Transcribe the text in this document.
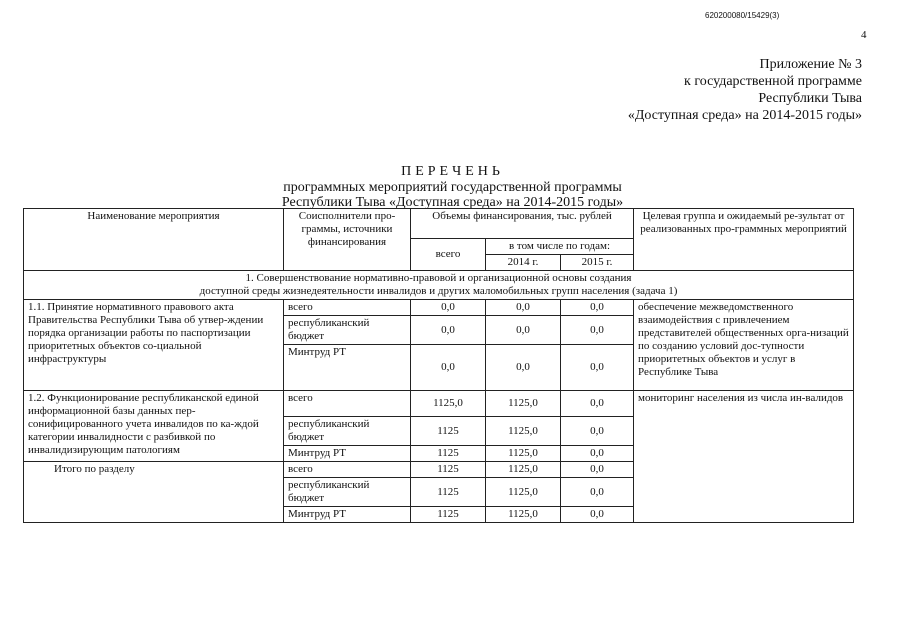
620200080/15429(3)
4
Приложение № 3
к государственной программе
Республики Тыва
«Доступная среда» на 2014-2015 годы»
ПЕРЕЧЕНЬ
программных мероприятий государственной программы
Республики Тыва «Доступная среда» на 2014-2015 годы»
Наименование мероприятия	Соисполнители про-граммы, источники финансирования	Объемы финансирования, тыс. рублей			Целевая группа и ожидаемый ре-зультат от реализованных про-граммных мероприятий
		всего	в том числе по годам:		
			2014 г.	2015 г.	

1. Совершенствование нормативно-правовой и организационной основы создания
доступной среды жизнедеятельности инвалидов и других маломобильных групп населения (задача 1)					

1.1. Принятие нормативного правового акта Правительства Республики Тыва об утвер-ждении порядка организации работы по паспортизации приоритетных объектов со-циальной инфраструктуры	всего	0,0	0,0	0,0	обеспечение межведомственного взаимодействия с привлечением представителей общественных орга-низаций по созданию условий дос-тупности приоритетных объектов и услуг в Республике Тыва
	республиканский бюджет	0,0	0,0	0,0	
	Минтруд РТ	0,0	0,0	0,0	
1.2. Функционирование республиканской единой информационной базы данных пер-сонифицированного учета инвалидов по ка-ждой категории инвалидности с разбивкой по инвалидизирующим патологиям	всего	1125,0	1125,0	0,0	мониторинг населения из числа ин-валидов
	республиканский бюджет	1125	1125,0	0,0	
	Минтруд РТ	1125	1125,0	0,0	
Итого по разделу	всего	1125	1125,0	0,0	
	республиканский бюджет	1125	1125,0	0,0	
	Минтруд РТ	1125	1125,0	0,0	
